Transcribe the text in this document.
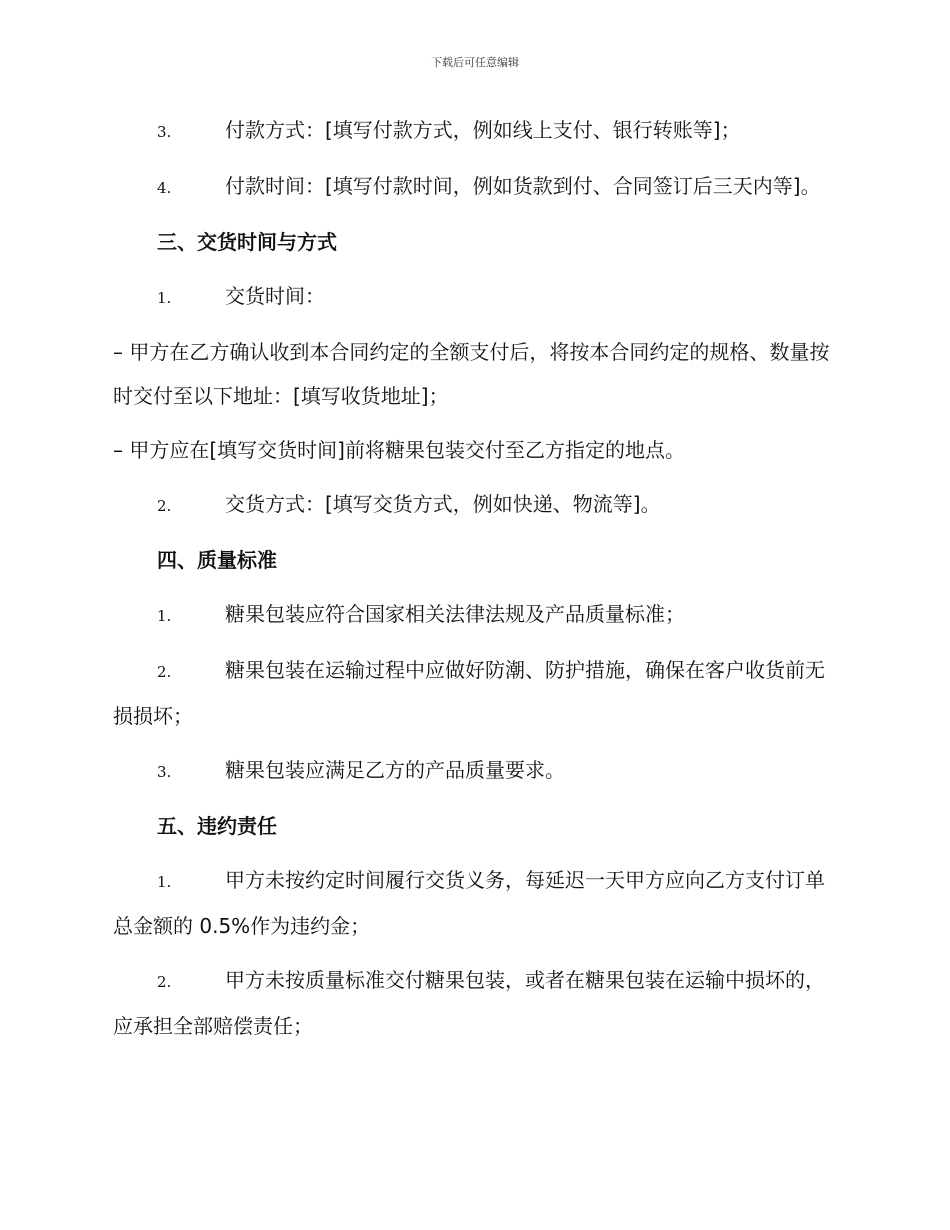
下载后可任意编辑

3.	付款方式：[填写付款方式，例如线上支付、银行转账等]；

4.	付款时间：[填写付款时间，例如货款到付、合同签订后三天内等]。

三、交货时间与方式

1.	交货时间：

– 甲方在乙方确认收到本合同约定的全额支付后，将按本合同约定的规格、数量按时交付至以下地址：[填写收货地址]；

– 甲方应在[填写交货时间]前将糖果包装交付至乙方指定的地点。

2.	交货方式：[填写交货方式，例如快递、物流等]。

四、质量标准

1.	糖果包装应符合国家相关法律法规及产品质量标准；

2.	糖果包装在运输过程中应做好防潮、防护措施，确保在客户收货前无损损坏；

3.	糖果包装应满足乙方的产品质量要求。

五、违约责任

1.	甲方未按约定时间履行交货义务，每延迟一天甲方应向乙方支付订单总金额的 0.5%作为违约金；

2.	甲方未按质量标准交付糖果包装，或者在糖果包装在运输中损坏的，应承担全部赔偿责任；
